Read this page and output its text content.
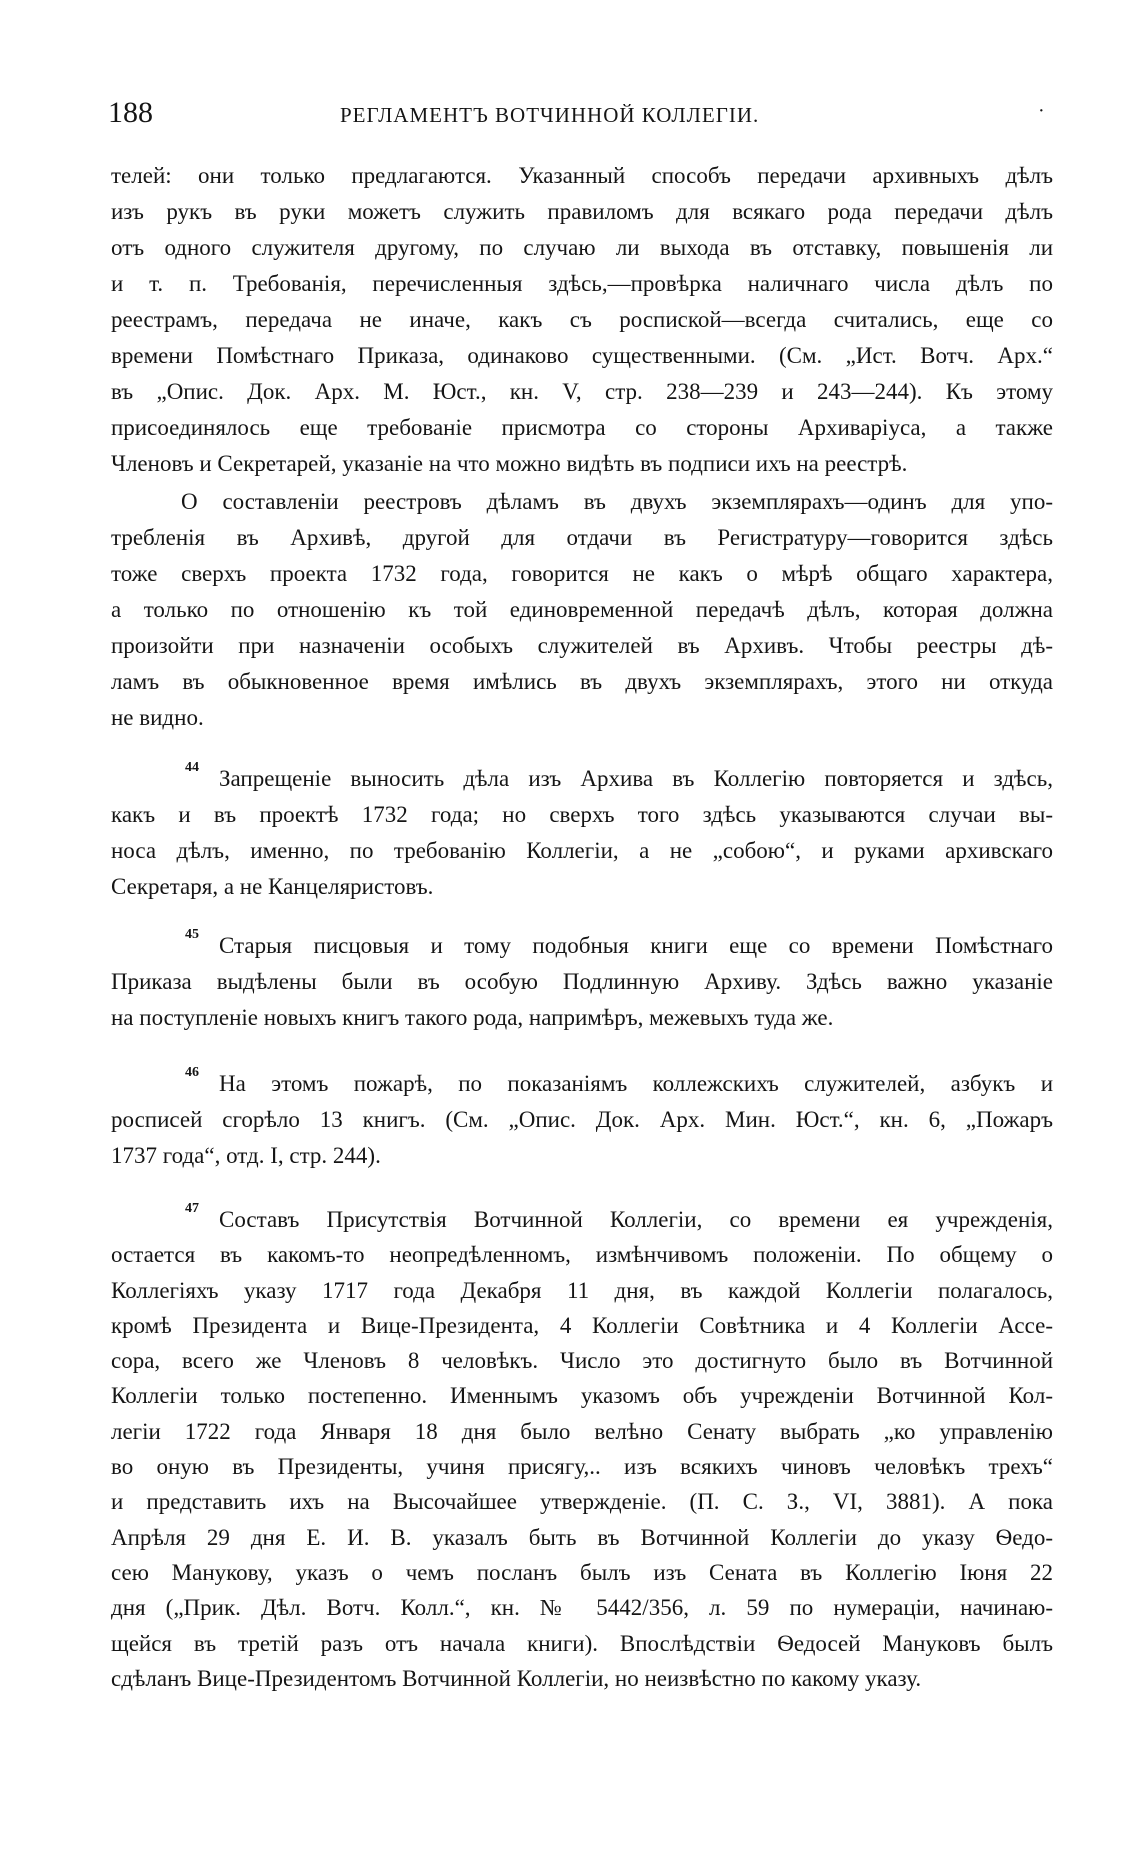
188	РЕГЛАМЕНТЪ ВОТЧИННОЙ КОЛЛЕГІИ.	·
телей: они только предлагаются. Указанный способъ передачи архивныхъ дѣлъ
изъ рукъ въ руки можетъ служить правиломъ для всякаго рода передачи дѣлъ
отъ одного служителя другому, по случаю ли выхода въ отставку, повышенія ли
и т. п. Требованія, перечисленныя здѣсь,—провѣрка наличнаго числа дѣлъ по
реестрамъ, передача не иначе, какъ съ роспиской—всегда считались, еще со
времени Помѣстнаго Приказа, одинаково существенными. (См. „Ист. Вотч. Арх.“
въ „Опис. Док. Арх. М. Юст., кн. V, стр. 238—239 и 243—244). Къ этому
присоединялось еще требованіе присмотра со стороны Архиваріуса, а также
Членовъ и Секретарей, указаніе на что можно видѣть въ подписи ихъ на реестрѣ.
О составленіи реестровъ дѣламъ въ двухъ экземплярахъ—одинъ для упо-
требленія въ Архивѣ, другой для отдачи въ Регистратуру—говорится здѣсь
тоже сверхъ проекта 1732 года, говорится не какъ о мѣрѣ общаго характера,
а только по отношенію къ той единовременной передачѣ дѣлъ, которая должна
произойти при назначеніи особыхъ служителей въ Архивъ. Чтобы реестры дѣ-
ламъ въ обыкновенное время имѣлись въ двухъ экземплярахъ, этого ни откуда
не видно.
44 Запрещеніе выносить дѣла изъ Архива въ Коллегію повторяется и здѣсь,
какъ и въ проектѣ 1732 года; но сверхъ того здѣсь указываются случаи вы-
носа дѣлъ, именно, по требованію Коллегіи, а не „собою“, и руками архивскаго
Секретаря, а не Канцеляристовъ.
45 Старыя писцовыя и тому подобныя книги еще со времени Помѣстнаго
Приказа выдѣлены были въ особую Подлинную Архиву. Здѣсь важно указаніе
на поступленіе новыхъ книгъ такого рода, напримѣръ, межевыхъ туда же.
46 На этомъ пожарѣ, по показаніямъ коллежскихъ служителей, азбукъ и
росписей сгорѣло 13 книгъ. (См. „Опис. Док. Арх. Мин. Юст.“, кн. 6, „Пожаръ
1737 года“, отд. I, стр. 244).
47 Составъ Присутствія Вотчинной Коллегіи, со времени ея учрежденія,
остается въ какомъ-то неопредѣленномъ, измѣнчивомъ положеніи. По общему о
Коллегіяхъ указу 1717 года Декабря 11 дня, въ каждой Коллегіи полагалось,
кромѣ Президента и Вице-Президента, 4 Коллегіи Совѣтника и 4 Коллегіи Ассе-
сора, всего же Членовъ 8 человѣкъ. Число это достигнуто было въ Вотчинной
Коллегіи только постепенно. Именнымъ указомъ объ учрежденіи Вотчинной Кол-
легіи 1722 года Января 18 дня было велѣно Сенату выбрать „ко управленію
во оную въ Президенты, учиня присягу,.. изъ всякихъ чиновъ человѣкъ трехъ“
и представить ихъ на Высочайшее утвержденіе. (П. С. З., VI, 3881). А пока
Апрѣля 29 дня Е. И. В. указалъ быть въ Вотчинной Коллегіи до указу Ѳедо-
сею Манукову, указъ о чемъ посланъ былъ изъ Сената въ Коллегію Іюня 22
дня („Прик. Дѣл. Вотч. Колл.“, кн. № 5442/356, л. 59 по нумераціи, начинаю-
щейся въ третій разъ отъ начала книги). Впослѣдствіи Ѳедосей Мануковъ былъ
сдѣланъ Вице-Президентомъ Вотчинной Коллегіи, но неизвѣстно по какому указу.
